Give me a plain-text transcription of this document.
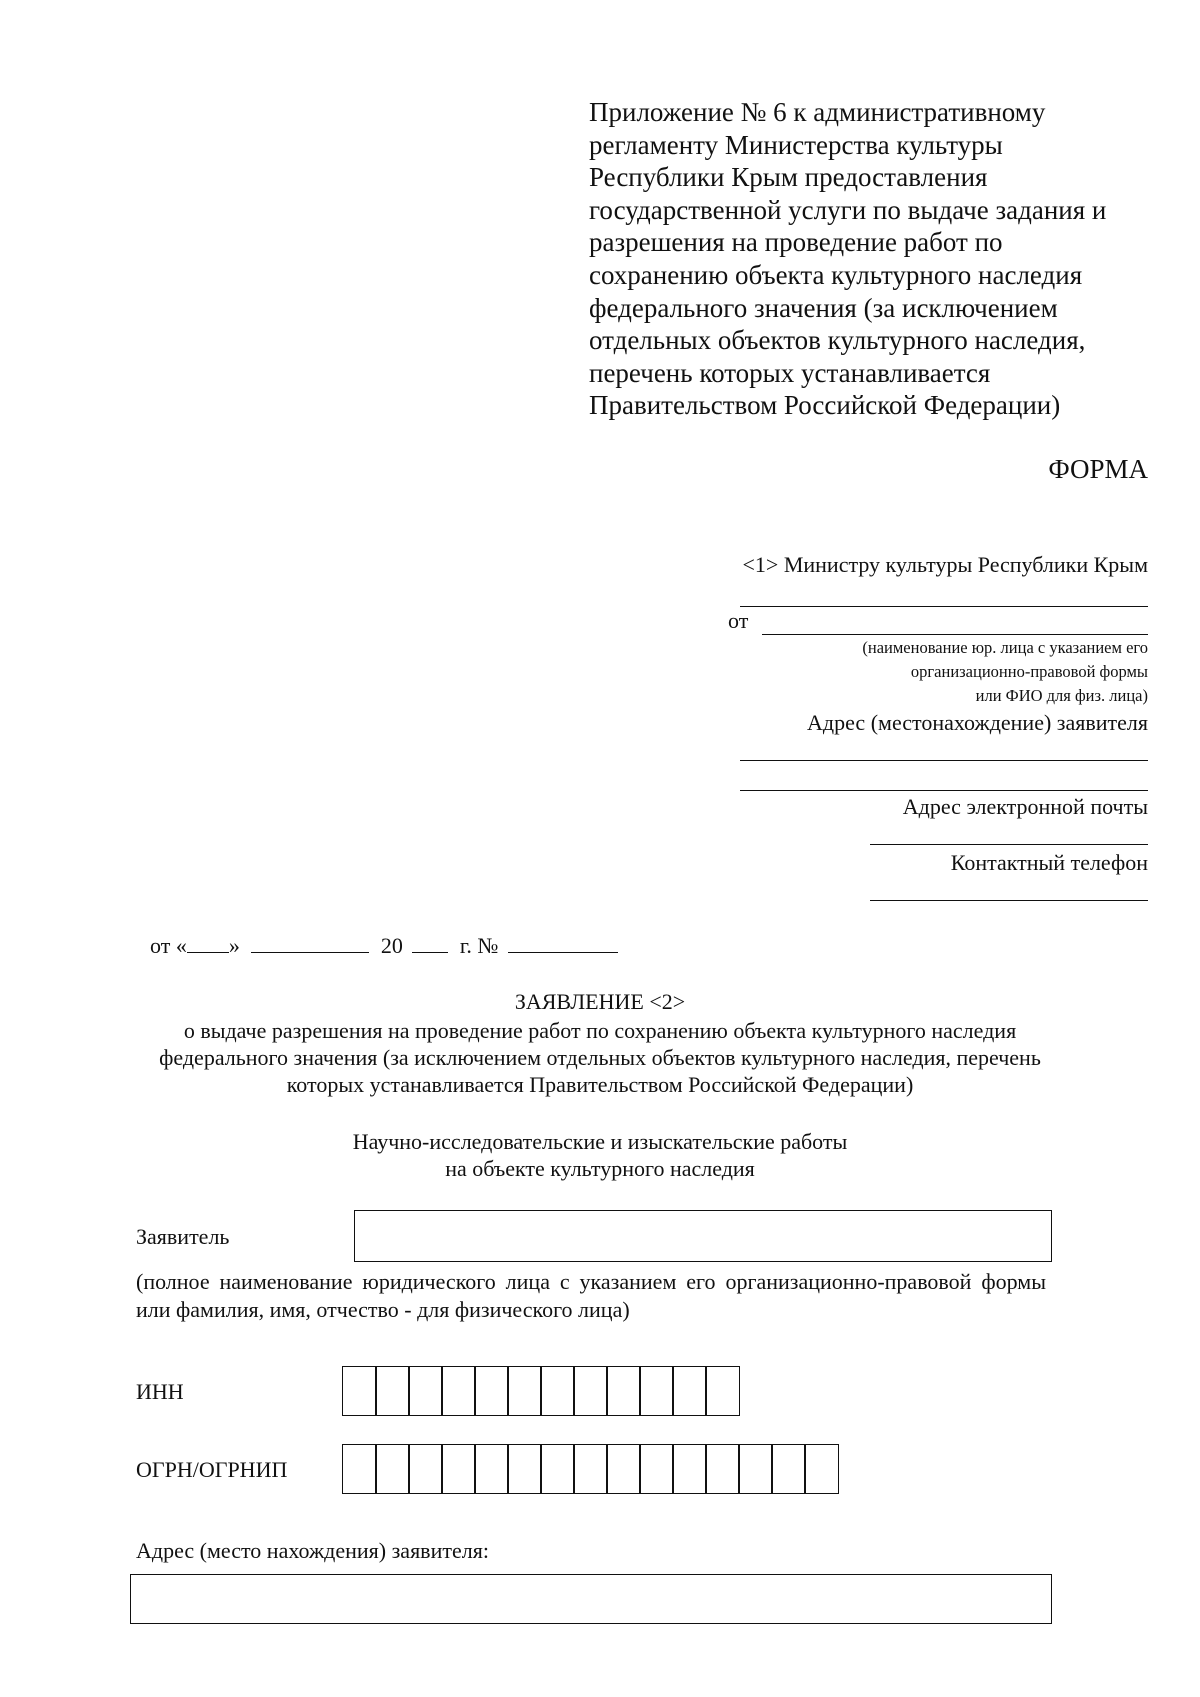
Приложение № 6 к административному
регламенту Министерства культуры
Республики Крым предоставления
государственной услуги по выдаче задания и
разрешения на проведение работ по
сохранению объекта культурного наследия
федерального значения (за исключением
отдельных объектов культурного наследия,
перечень которых устанавливается
Правительством Российской Федерации)
ФОРМА
<1> Министру культуры Республики Крым
от
(наименование юр. лица с указанием его
организационно-правовой формы
или ФИО для физ. лица)
Адрес (местонахождение) заявителя
Адрес электронной почты
Контактный телефон
от « »	20	г. №
ЗАЯВЛЕНИЕ <2>
о выдаче разрешения на проведение работ по сохранению объекта культурного наследия
федерального значения (за исключением отдельных объектов культурного наследия, перечень
которых устанавливается Правительством Российской Федерации)
Научно-исследовательские и изыскательские работы
на объекте культурного наследия
Заявитель
(полное наименование юридического лица с указанием его организационно-правовой формы или фамилия, имя, отчество - для физического лица)
ИНН
ОГРН/ОГРНИП
Адрес (место нахождения) заявителя:
